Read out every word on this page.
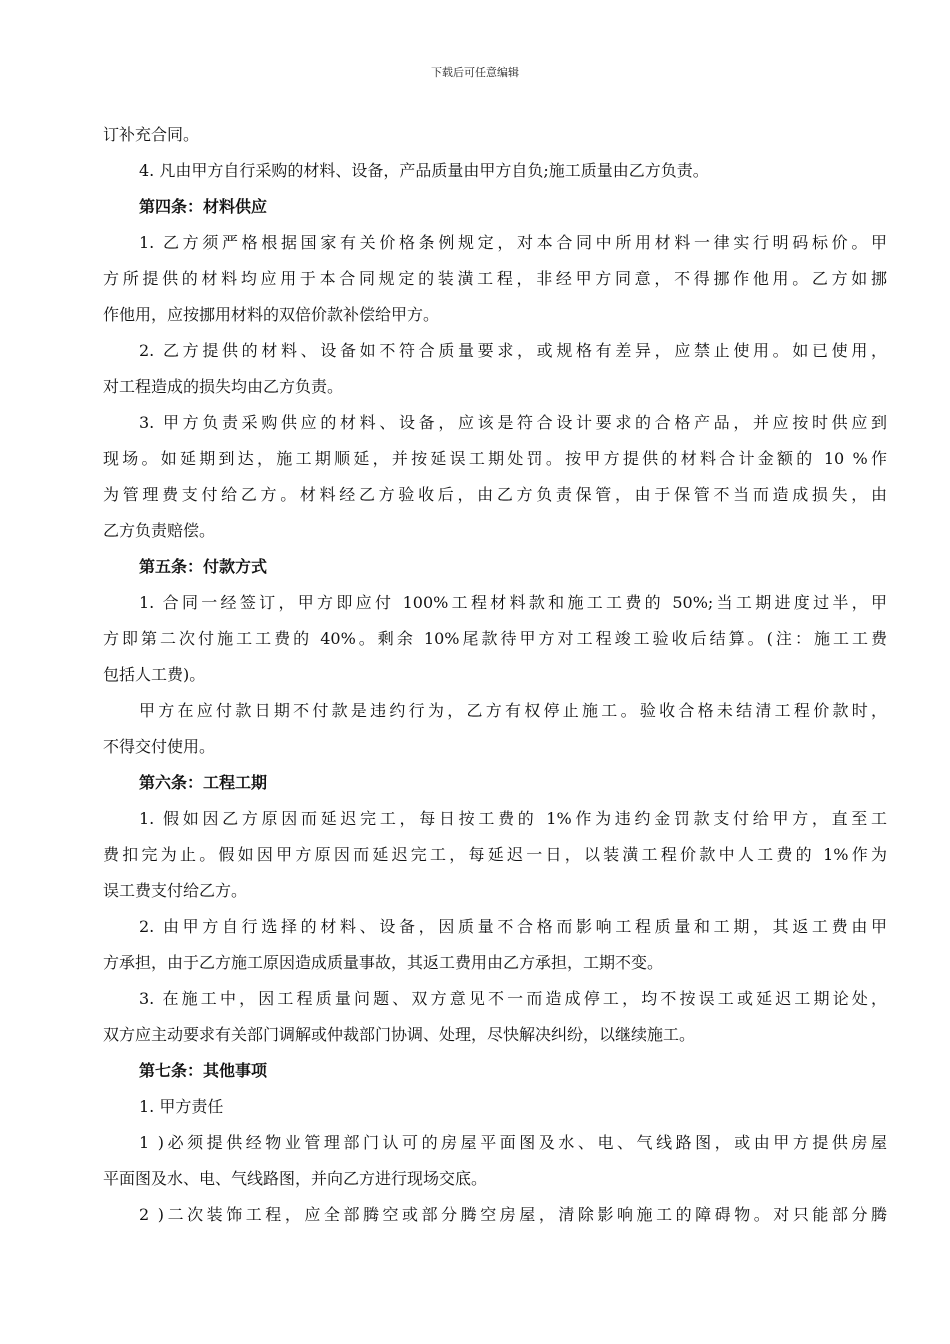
下载后可任意编辑
订补充合同。
4. 凡由甲方自行采购的材料、设备，产品质量由甲方自负;施工质量由乙方负责。
第四条：材料供应
1. 乙方须严格根据国家有关价格条例规定，对本合同中所用材料一律实行明码标价。甲
方所提供的材料均应用于本合同规定的装潢工程，非经甲方同意，不得挪作他用。乙方如挪
作他用，应按挪用材料的双倍价款补偿给甲方。
2. 乙方提供的材料、设备如不符合质量要求，或规格有差异，应禁止使用。如已使用，
对工程造成的损失均由乙方负责。
3. 甲方负责采购供应的材料、设备，应该是符合设计要求的合格产品，并应按时供应到
现场。如延期到达，施工期顺延，并按延误工期处罚。按甲方提供的材料合计金额的 10 %作
为管理费支付给乙方。材料经乙方验收后，由乙方负责保管，由于保管不当而造成损失，由
乙方负责赔偿。
第五条：付款方式
1. 合同一经签订，甲方即应付 100%工程材料款和施工工费的 50%;当工期进度过半，甲
方即第二次付施工工费的 40%。剩余 10%尾款待甲方对工程竣工验收后结算。(注：施工工费
包括人工费)。
甲方在应付款日期不付款是违约行为，乙方有权停止施工。验收合格未结清工程价款时，
不得交付使用。
第六条：工程工期
1. 假如因乙方原因而延迟完工，每日按工费的 1%作为违约金罚款支付给甲方，直至工
费扣完为止。假如因甲方原因而延迟完工，每延迟一日，以装潢工程价款中人工费的 1%作为
误工费支付给乙方。
2. 由甲方自行选择的材料、设备，因质量不合格而影响工程质量和工期，其返工费由甲
方承担，由于乙方施工原因造成质量事故，其返工费用由乙方承担，工期不变。
3. 在施工中，因工程质量问题、双方意见不一而造成停工，均不按误工或延迟工期论处，
双方应主动要求有关部门调解或仲裁部门协调、处理，尽快解决纠纷，以继续施工。
第七条：其他事项
1. 甲方责任
1 )必须提供经物业管理部门认可的房屋平面图及水、电、气线路图，或由甲方提供房屋
平面图及水、电、气线路图，并向乙方进行现场交底。
2 )二次装饰工程，应全部腾空或部分腾空房屋，清除影响施工的障碍物。对只能部分腾
